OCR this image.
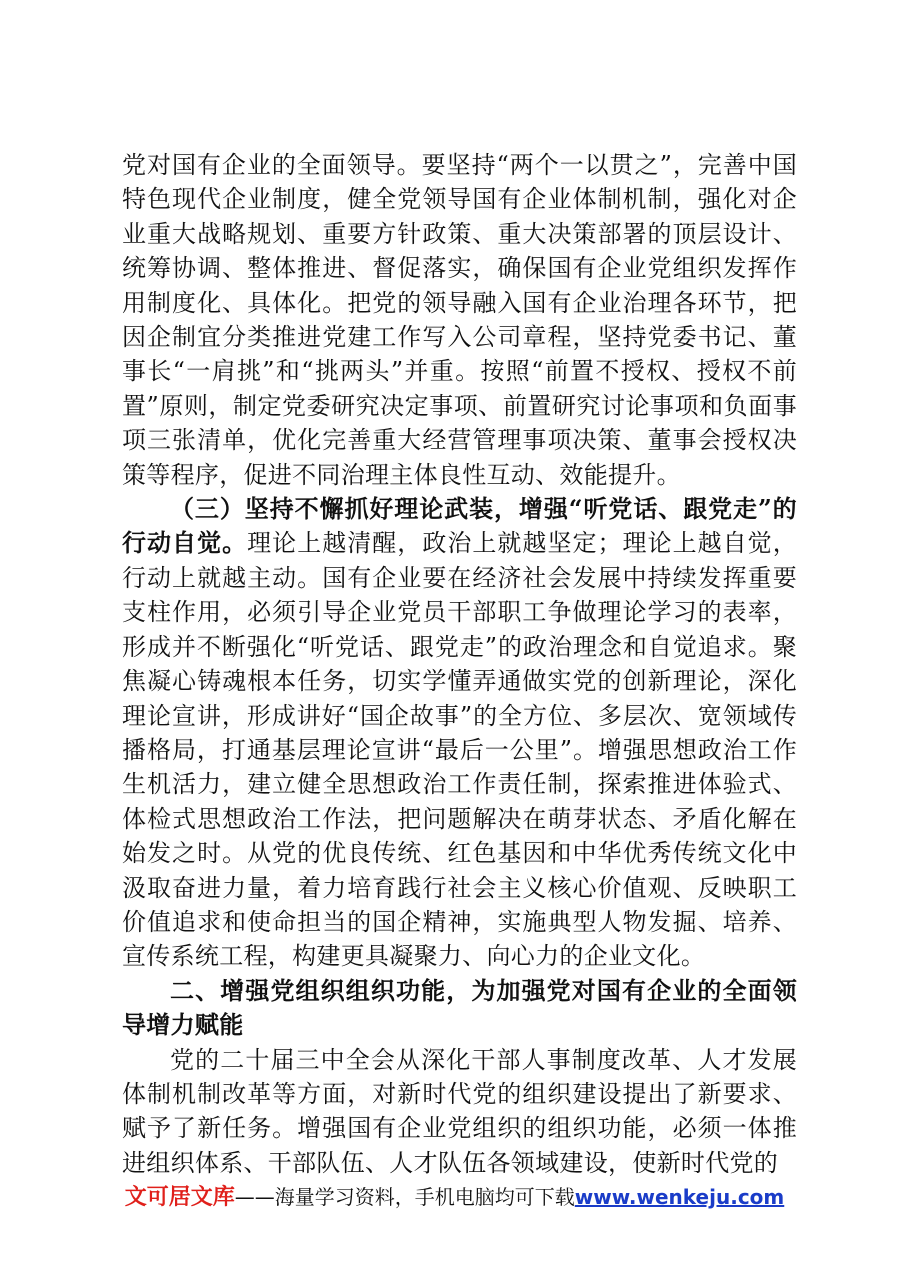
党对国有企业的全面领导。要坚持“两个一以贯之”，完善中国特色现代企业制度，健全党领导国有企业体制机制，强化对企业重大战略规划、重要方针政策、重大决策部署的顶层设计、统筹协调、整体推进、督促落实，确保国有企业党组织发挥作用制度化、具体化。把党的领导融入国有企业治理各环节，把因企制宜分类推进党建工作写入公司章程，坚持党委书记、董事长“一肩挑”和“挑两头”并重。按照“前置不授权、授权不前置”原则，制定党委研究决定事项、前置研究讨论事项和负面事项三张清单，优化完善重大经营管理事项决策、董事会授权决策等程序，促进不同治理主体良性互动、效能提升。

（三）坚持不懈抓好理论武装，增强“听党话、跟党走”的行动自觉。理论上越清醒，政治上就越坚定；理论上越自觉，行动上就越主动。国有企业要在经济社会发展中持续发挥重要支柱作用，必须引导企业党员干部职工争做理论学习的表率，形成并不断强化“听党话、跟党走”的政治理念和自觉追求。聚焦凝心铸魂根本任务，切实学懂弄通做实党的创新理论，深化理论宣讲，形成讲好“国企故事”的全方位、多层次、宽领域传播格局，打通基层理论宣讲“最后一公里”。增强思想政治工作生机活力，建立健全思想政治工作责任制，探索推进体验式、体检式思想政治工作法，把问题解决在萌芽状态、矛盾化解在始发之时。从党的优良传统、红色基因和中华优秀传统文化中汲取奋进力量，着力培育践行社会主义核心价值观、反映职工价值追求和使命担当的国企精神，实施典型人物发掘、培养、宣传系统工程，构建更具凝聚力、向心力的企业文化。

二、增强党组织组织功能，为加强党对国有企业的全面领导增力赋能

党的二十届三中全会从深化干部人事制度改革、人才发展体制机制改革等方面，对新时代党的组织建设提出了新要求、赋予了新任务。增强国有企业党组织的组织功能，必须一体推进组织体系、干部队伍、人才队伍各领域建设，使新时代党的

文可居文库——海量学习资料，手机电脑均可下载www.wenkeju.com
